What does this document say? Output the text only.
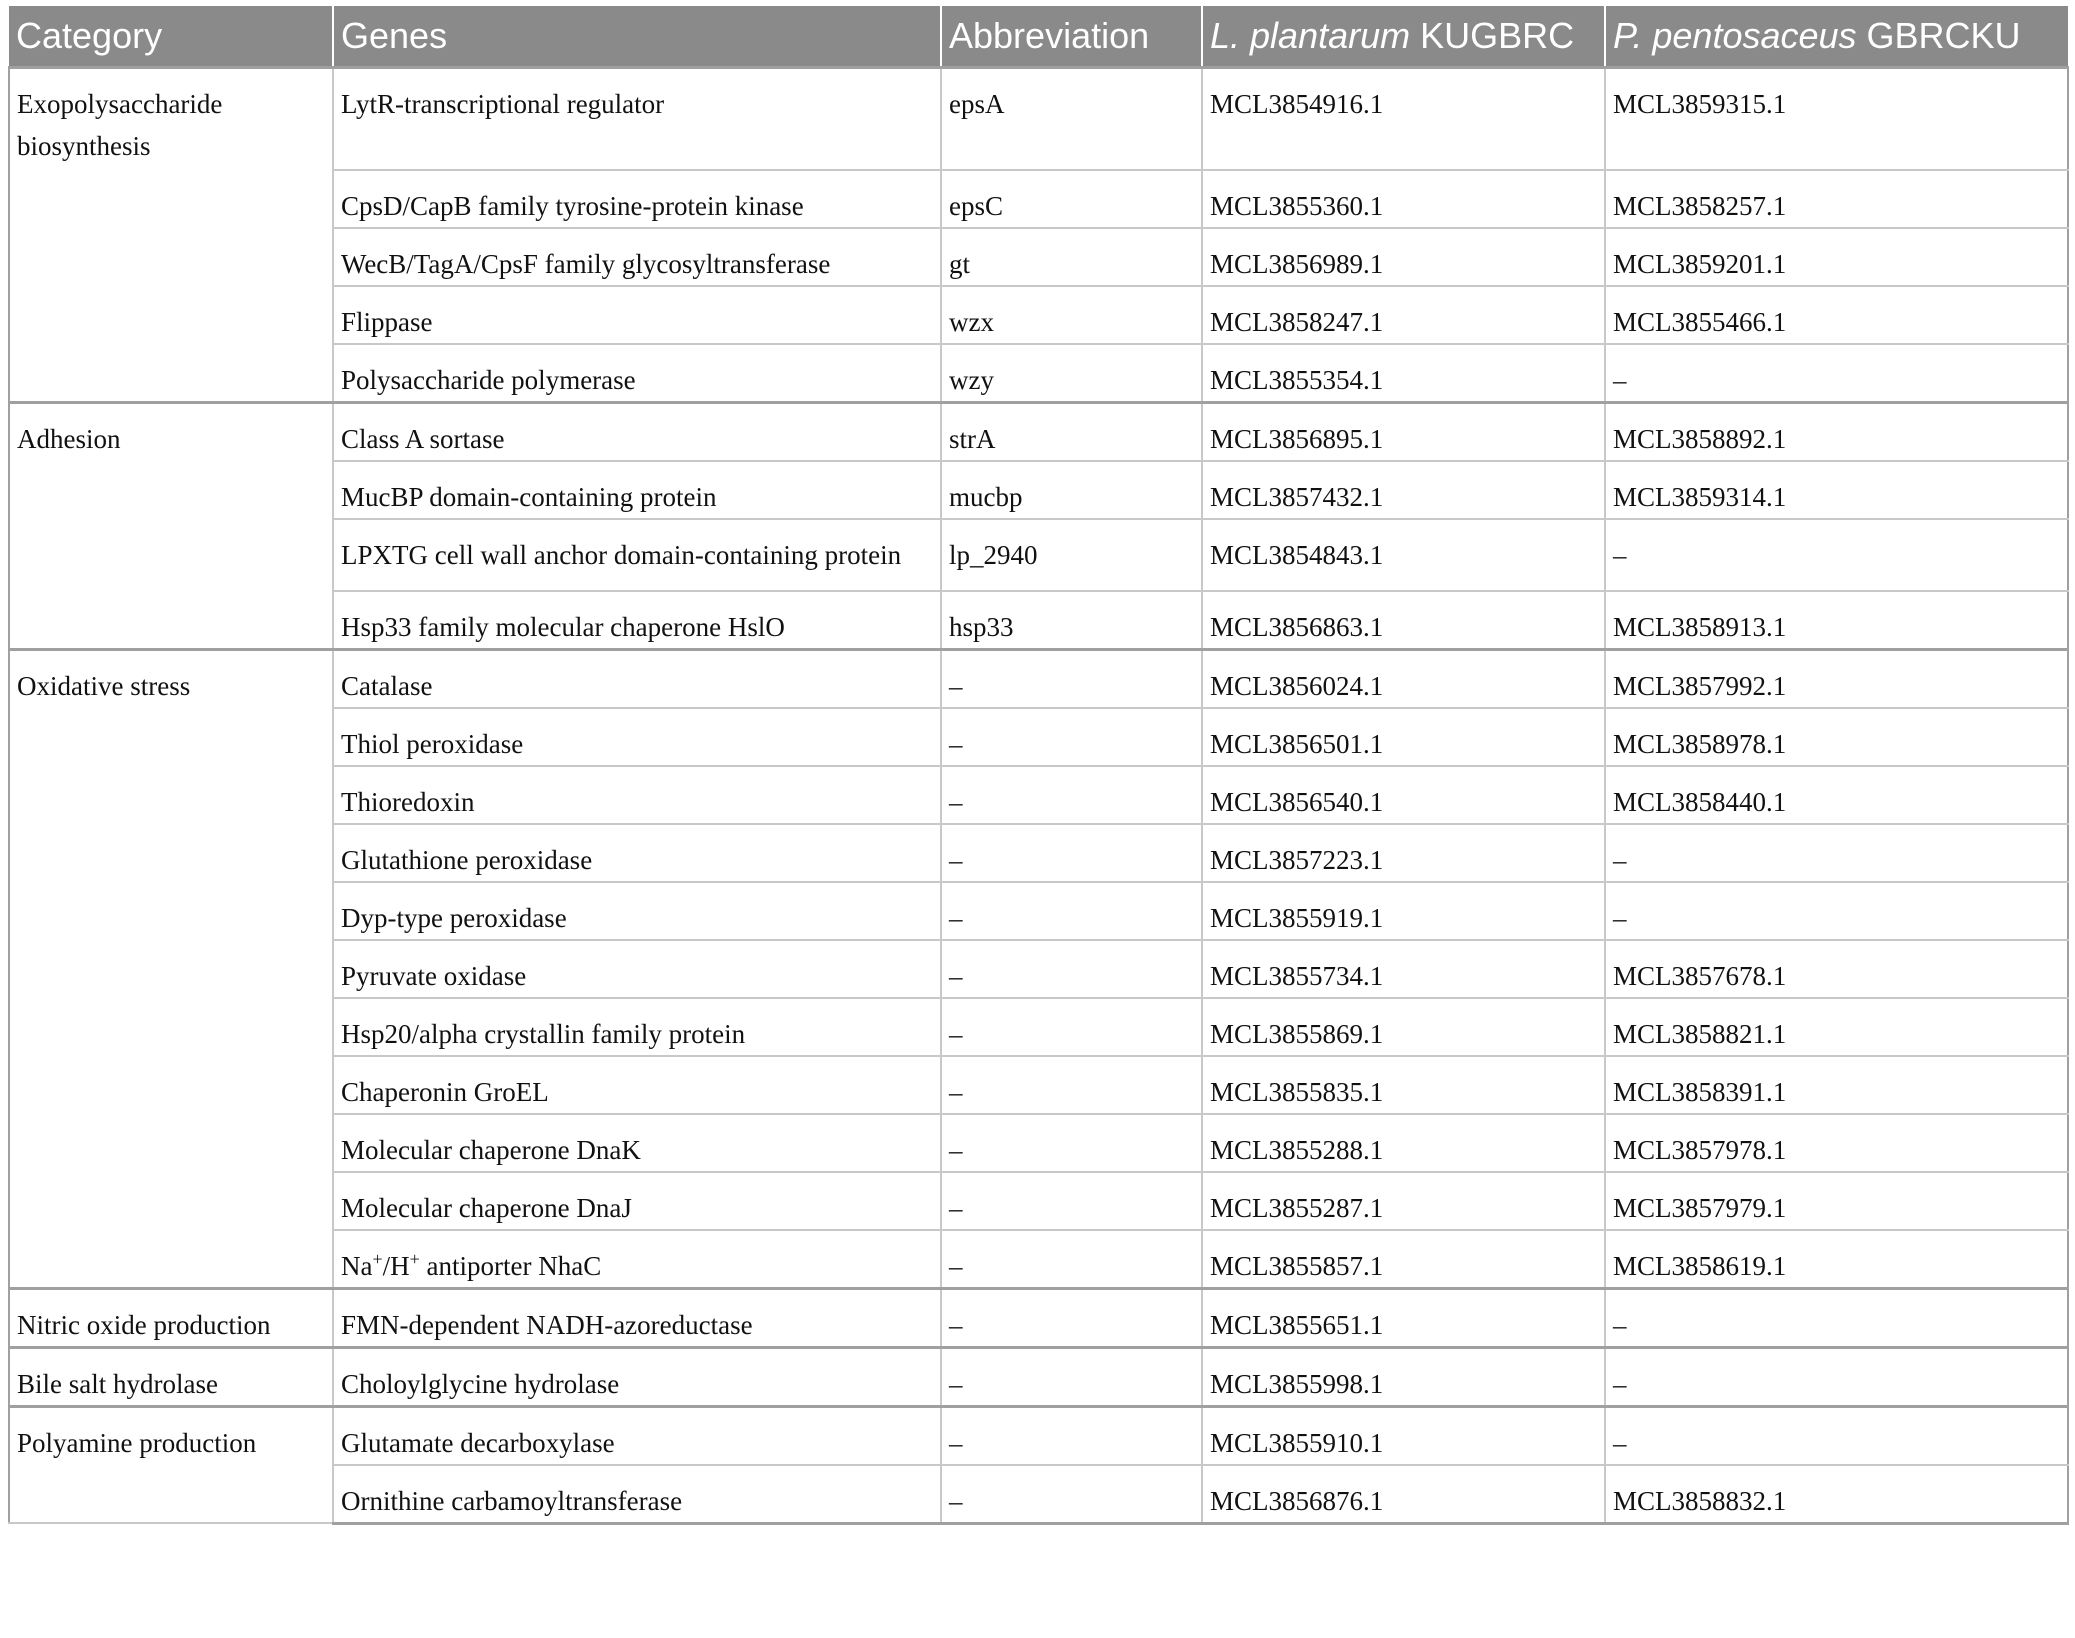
Category	Genes	Abbreviation	L. plantarum KUGBRC	P. pentosaceus GBRCKU
Exopolysaccharide biosynthesis	LytR-transcriptional regulator	epsA	MCL3854916.1	MCL3859315.1
	CpsD/CapB family tyrosine-protein kinase	epsC	MCL3855360.1	MCL3858257.1
	WecB/TagA/CpsF family glycosyltransferase	gt	MCL3856989.1	MCL3859201.1
	Flippase	wzx	MCL3858247.1	MCL3855466.1
	Polysaccharide polymerase	wzy	MCL3855354.1	–
Adhesion	Class A sortase	strA	MCL3856895.1	MCL3858892.1
	MucBP domain-containing protein	mucbp	MCL3857432.1	MCL3859314.1
	LPXTG cell wall anchor domain-containing protein	lp_2940	MCL3854843.1	–
	Hsp33 family molecular chaperone HslO	hsp33	MCL3856863.1	MCL3858913.1
Oxidative stress	Catalase	–	MCL3856024.1	MCL3857992.1
	Thiol peroxidase	–	MCL3856501.1	MCL3858978.1
	Thioredoxin	–	MCL3856540.1	MCL3858440.1
	Glutathione peroxidase	–	MCL3857223.1	–
	Dyp-type peroxidase	–	MCL3855919.1	–
	Pyruvate oxidase	–	MCL3855734.1	MCL3857678.1
	Hsp20/alpha crystallin family protein	–	MCL3855869.1	MCL3858821.1
	Chaperonin GroEL	–	MCL3855835.1	MCL3858391.1
	Molecular chaperone DnaK	–	MCL3855288.1	MCL3857978.1
	Molecular chaperone DnaJ	–	MCL3855287.1	MCL3857979.1
	Na+/H+ antiporter NhaC	–	MCL3855857.1	MCL3858619.1
Nitric oxide production	FMN-dependent NADH-azoreductase	–	MCL3855651.1	–
Bile salt hydrolase	Choloylglycine hydrolase	–	MCL3855998.1	–
Polyamine production	Glutamate decarboxylase	–	MCL3855910.1	–
	Ornithine carbamoyltransferase	–	MCL3856876.1	MCL3858832.1
